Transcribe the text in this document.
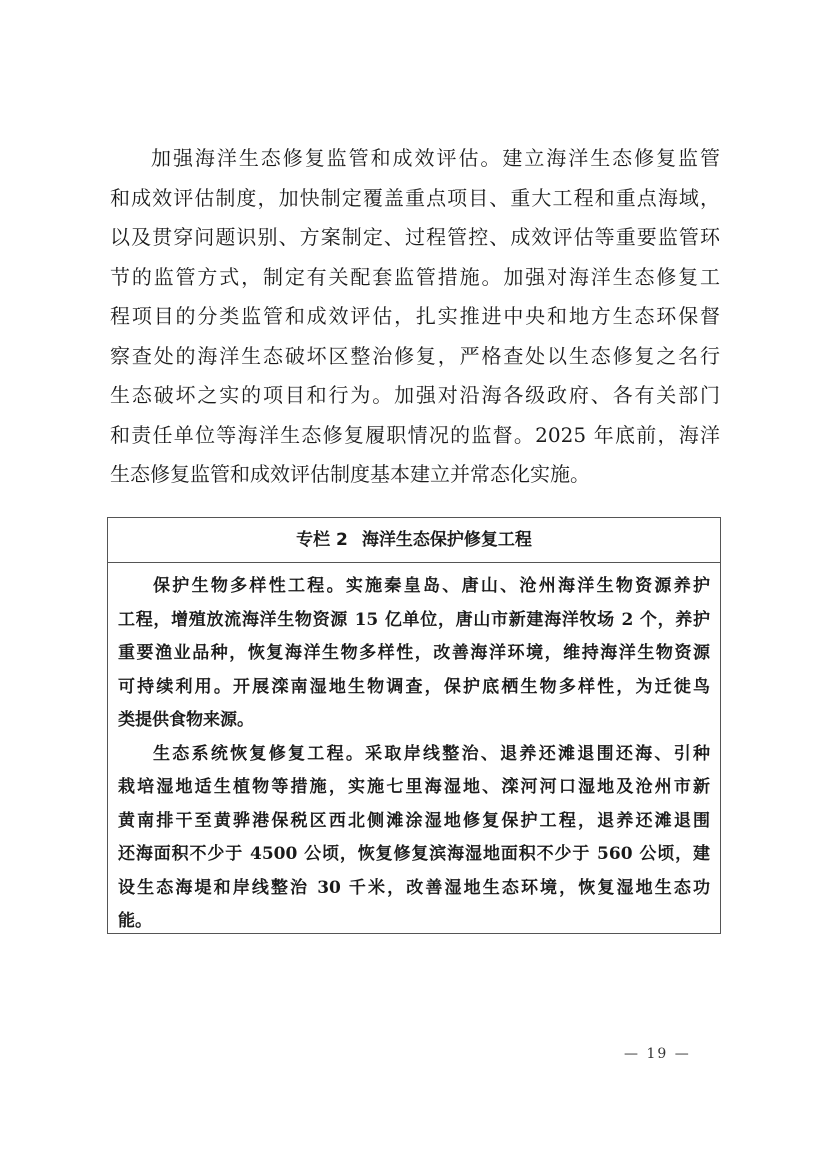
加强海洋生态修复监管和成效评估。建立海洋生态修复监管
和成效评估制度，加快制定覆盖重点项目、重大工程和重点海域，
以及贯穿问题识别、方案制定、过程管控、成效评估等重要监管环
节的监管方式，制定有关配套监管措施。加强对海洋生态修复工
程项目的分类监管和成效评估，扎实推进中央和地方生态环保督
察查处的海洋生态破坏区整治修复，严格查处以生态修复之名行
生态破坏之实的项目和行为。加强对沿海各级政府、各有关部门
和责任单位等海洋生态修复履职情况的监督。2025 年底前，海洋
生态修复监管和成效评估制度基本建立并常态化实施。
专栏 2 海洋生态保护修复工程
保护生物多样性工程。实施秦皇岛、唐山、沧州海洋生物资源养护
工程，增殖放流海洋生物资源 15 亿单位，唐山市新建海洋牧场 2 个，养护
重要渔业品种，恢复海洋生物多样性，改善海洋环境，维持海洋生物资源
可持续利用。开展滦南湿地生物调查，保护底栖生物多样性，为迁徙鸟
类提供食物来源。
生态系统恢复修复工程。采取岸线整治、退养还滩退围还海、引种
栽培湿地适生植物等措施，实施七里海湿地、滦河河口湿地及沧州市新
黄南排干至黄骅港保税区西北侧滩涂湿地修复保护工程，退养还滩退围
还海面积不少于 4500 公顷，恢复修复滨海湿地面积不少于 560 公顷，建
设生态海堤和岸线整治 30 千米，改善湿地生态环境，恢复湿地生态功
能。
— 19 —
